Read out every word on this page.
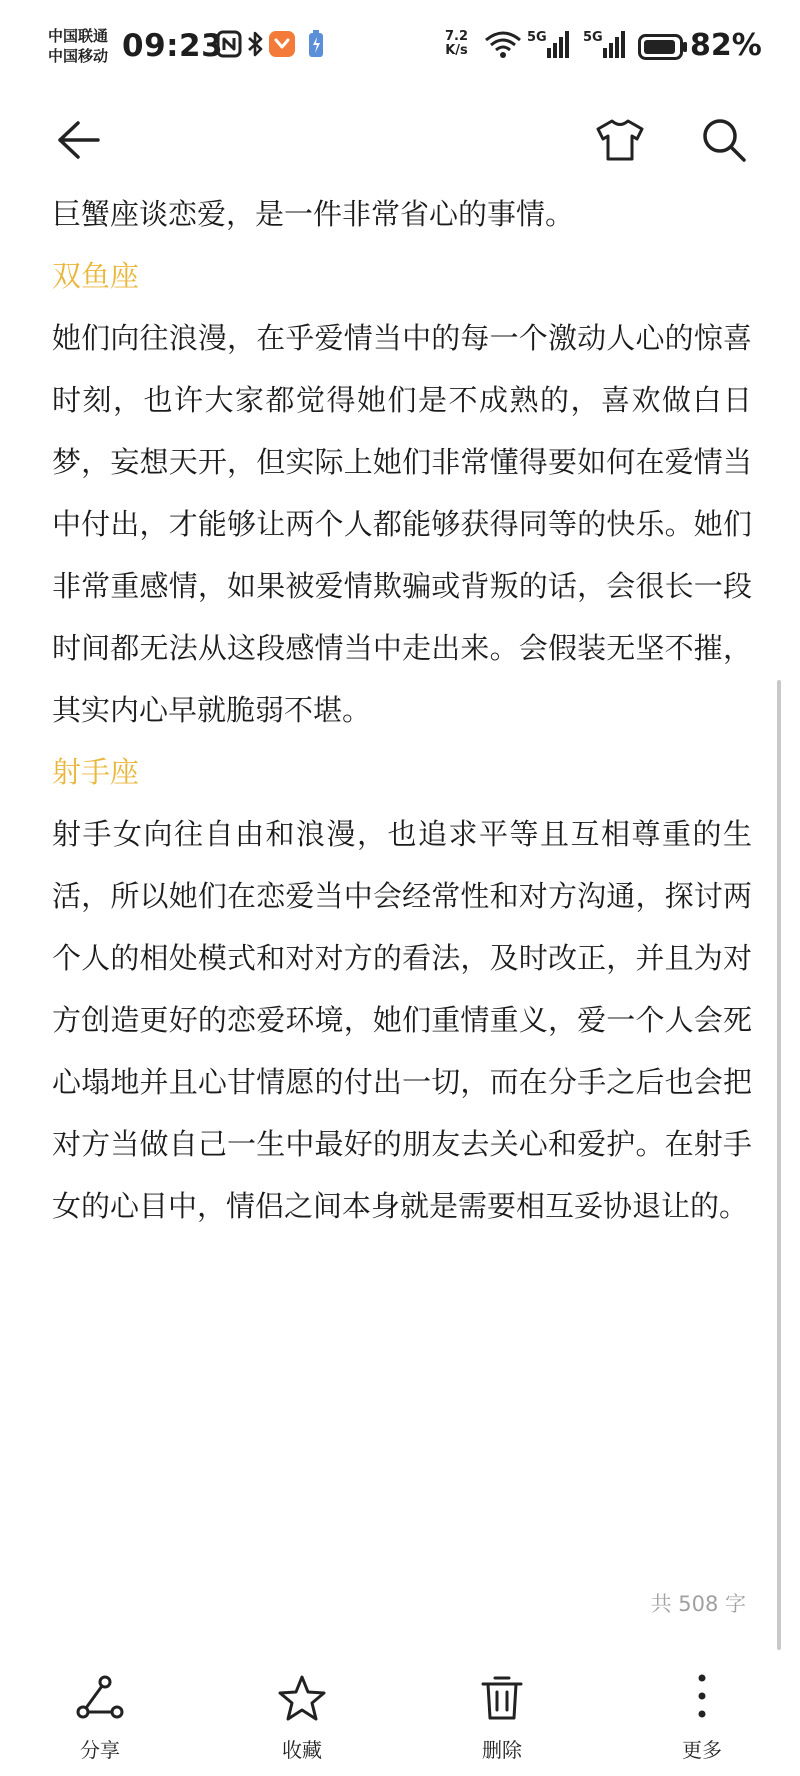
中国联通
中国移动 09:23	7.2
K/s
5G	5G	82%

巨蟹座谈恋爱，是一件非常省心的事情。

双鱼座

她们向往浪漫，在乎爱情当中的每一个激动人心的惊喜时刻，也许大家都觉得她们是不成熟的，喜欢做白日梦，妄想天开，但实际上她们非常懂得要如何在爱情当中付出，才能够让两个人都能够获得同等的快乐。她们非常重感情，如果被爱情欺骗或背叛的话，会很长一段时间都无法从这段感情当中走出来。会假装无坚不摧，其实内心早就脆弱不堪。

射手座

射手女向往自由和浪漫，也追求平等且互相尊重的生活，所以她们在恋爱当中会经常性和对方沟通，探讨两个人的相处模式和对对方的看法，及时改正，并且为对方创造更好的恋爱环境，她们重情重义，爱一个人会死心塌地并且心甘情愿的付出一切，而在分手之后也会把对方当做自己一生中最好的朋友去关心和爱护。在射手女的心目中，情侣之间本身就是需要相互妥协退让的。

共 508 字
分享	收藏	删除	更多
